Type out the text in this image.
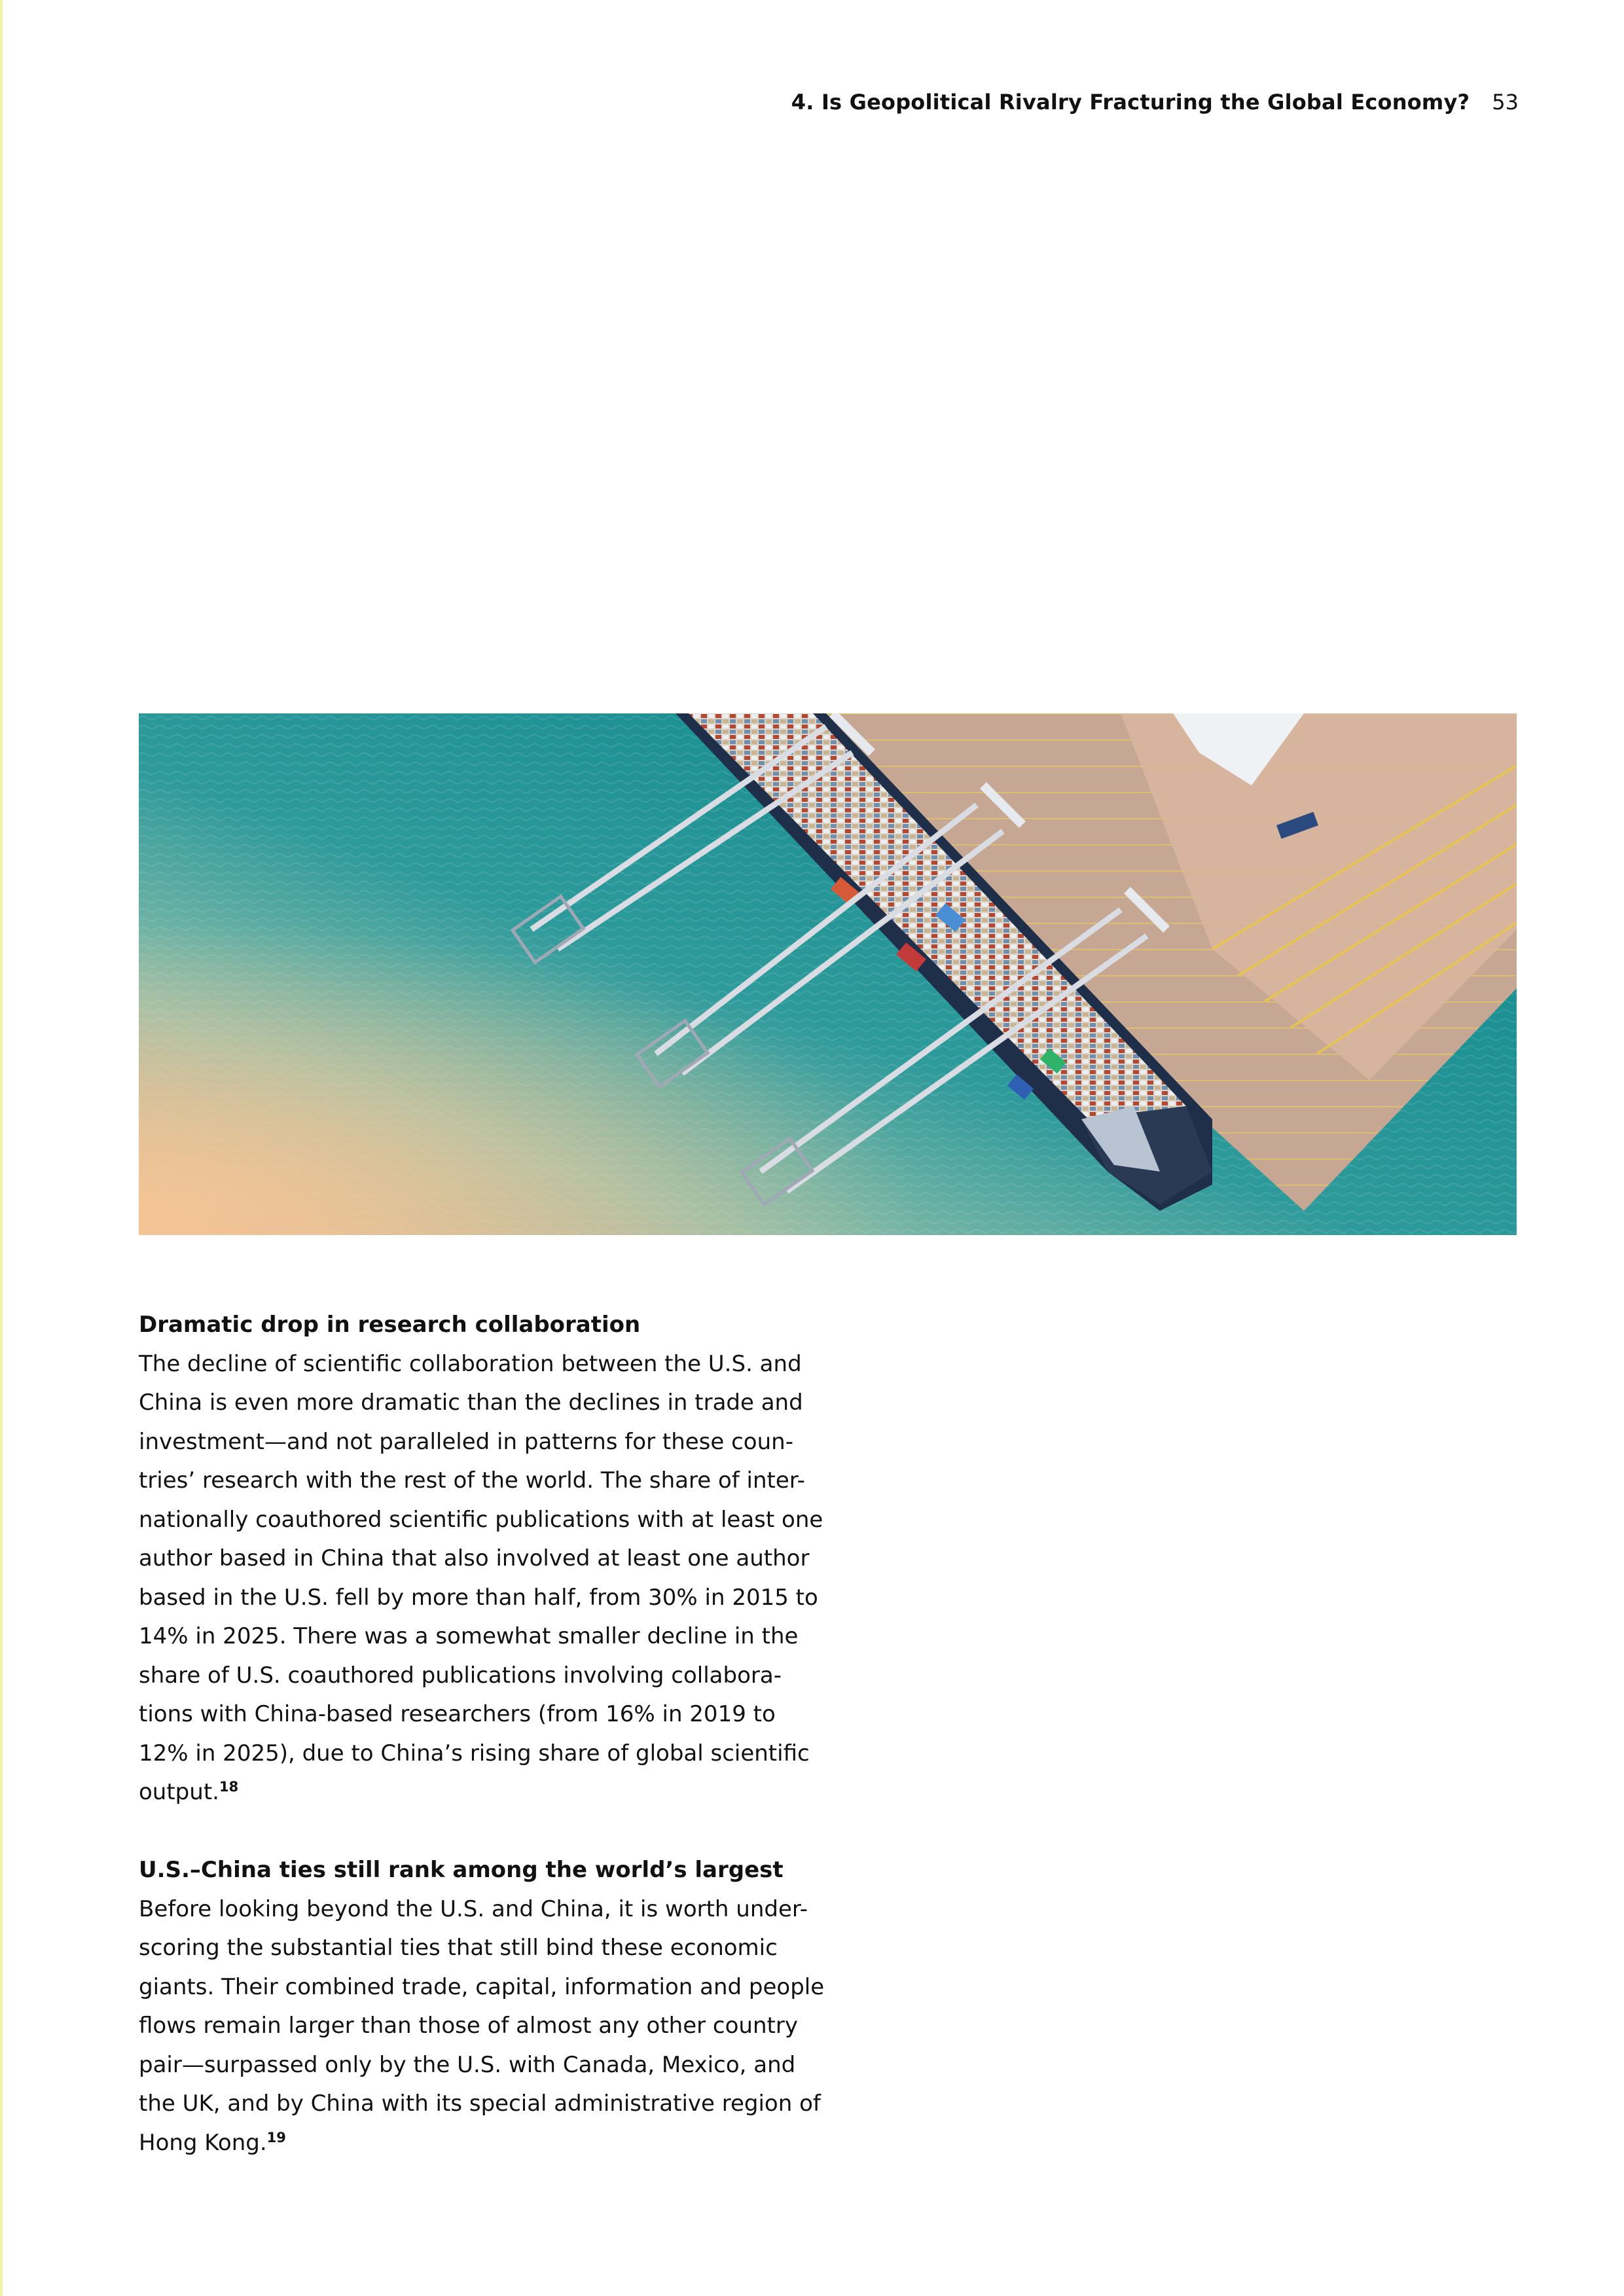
4. Is Geopolitical Rivalry Fracturing the Global Economy? 53
Dramatic drop in research collaboration

The decline of scientific collaboration between the U.S. and
China is even more dramatic than the declines in trade and
investment—and not paralleled in patterns for these coun-
tries’ research with the rest of the world. The share of inter-
nationally coauthored scientific publications with at least one
author based in China that also involved at least one author
based in the U.S. fell by more than half, from 30% in 2015 to
14% in 2025. There was a somewhat smaller decline in the
share of U.S. coauthored publications involving collabora-
tions with China-based researchers (from 16% in 2019 to
12% in 2025), due to China’s rising share of global scientific
output.$^{18}$

U.S.–China ties still rank among the world’s largest

Before looking beyond the U.S. and China, it is worth under-
scoring the substantial ties that still bind these economic
giants. Their combined trade, capital, information and people
flows remain larger than those of almost any other country
pair—surpassed only by the U.S. with Canada, Mexico, and
the UK, and by China with its special administrative region of
Hong Kong.$^{19}$
